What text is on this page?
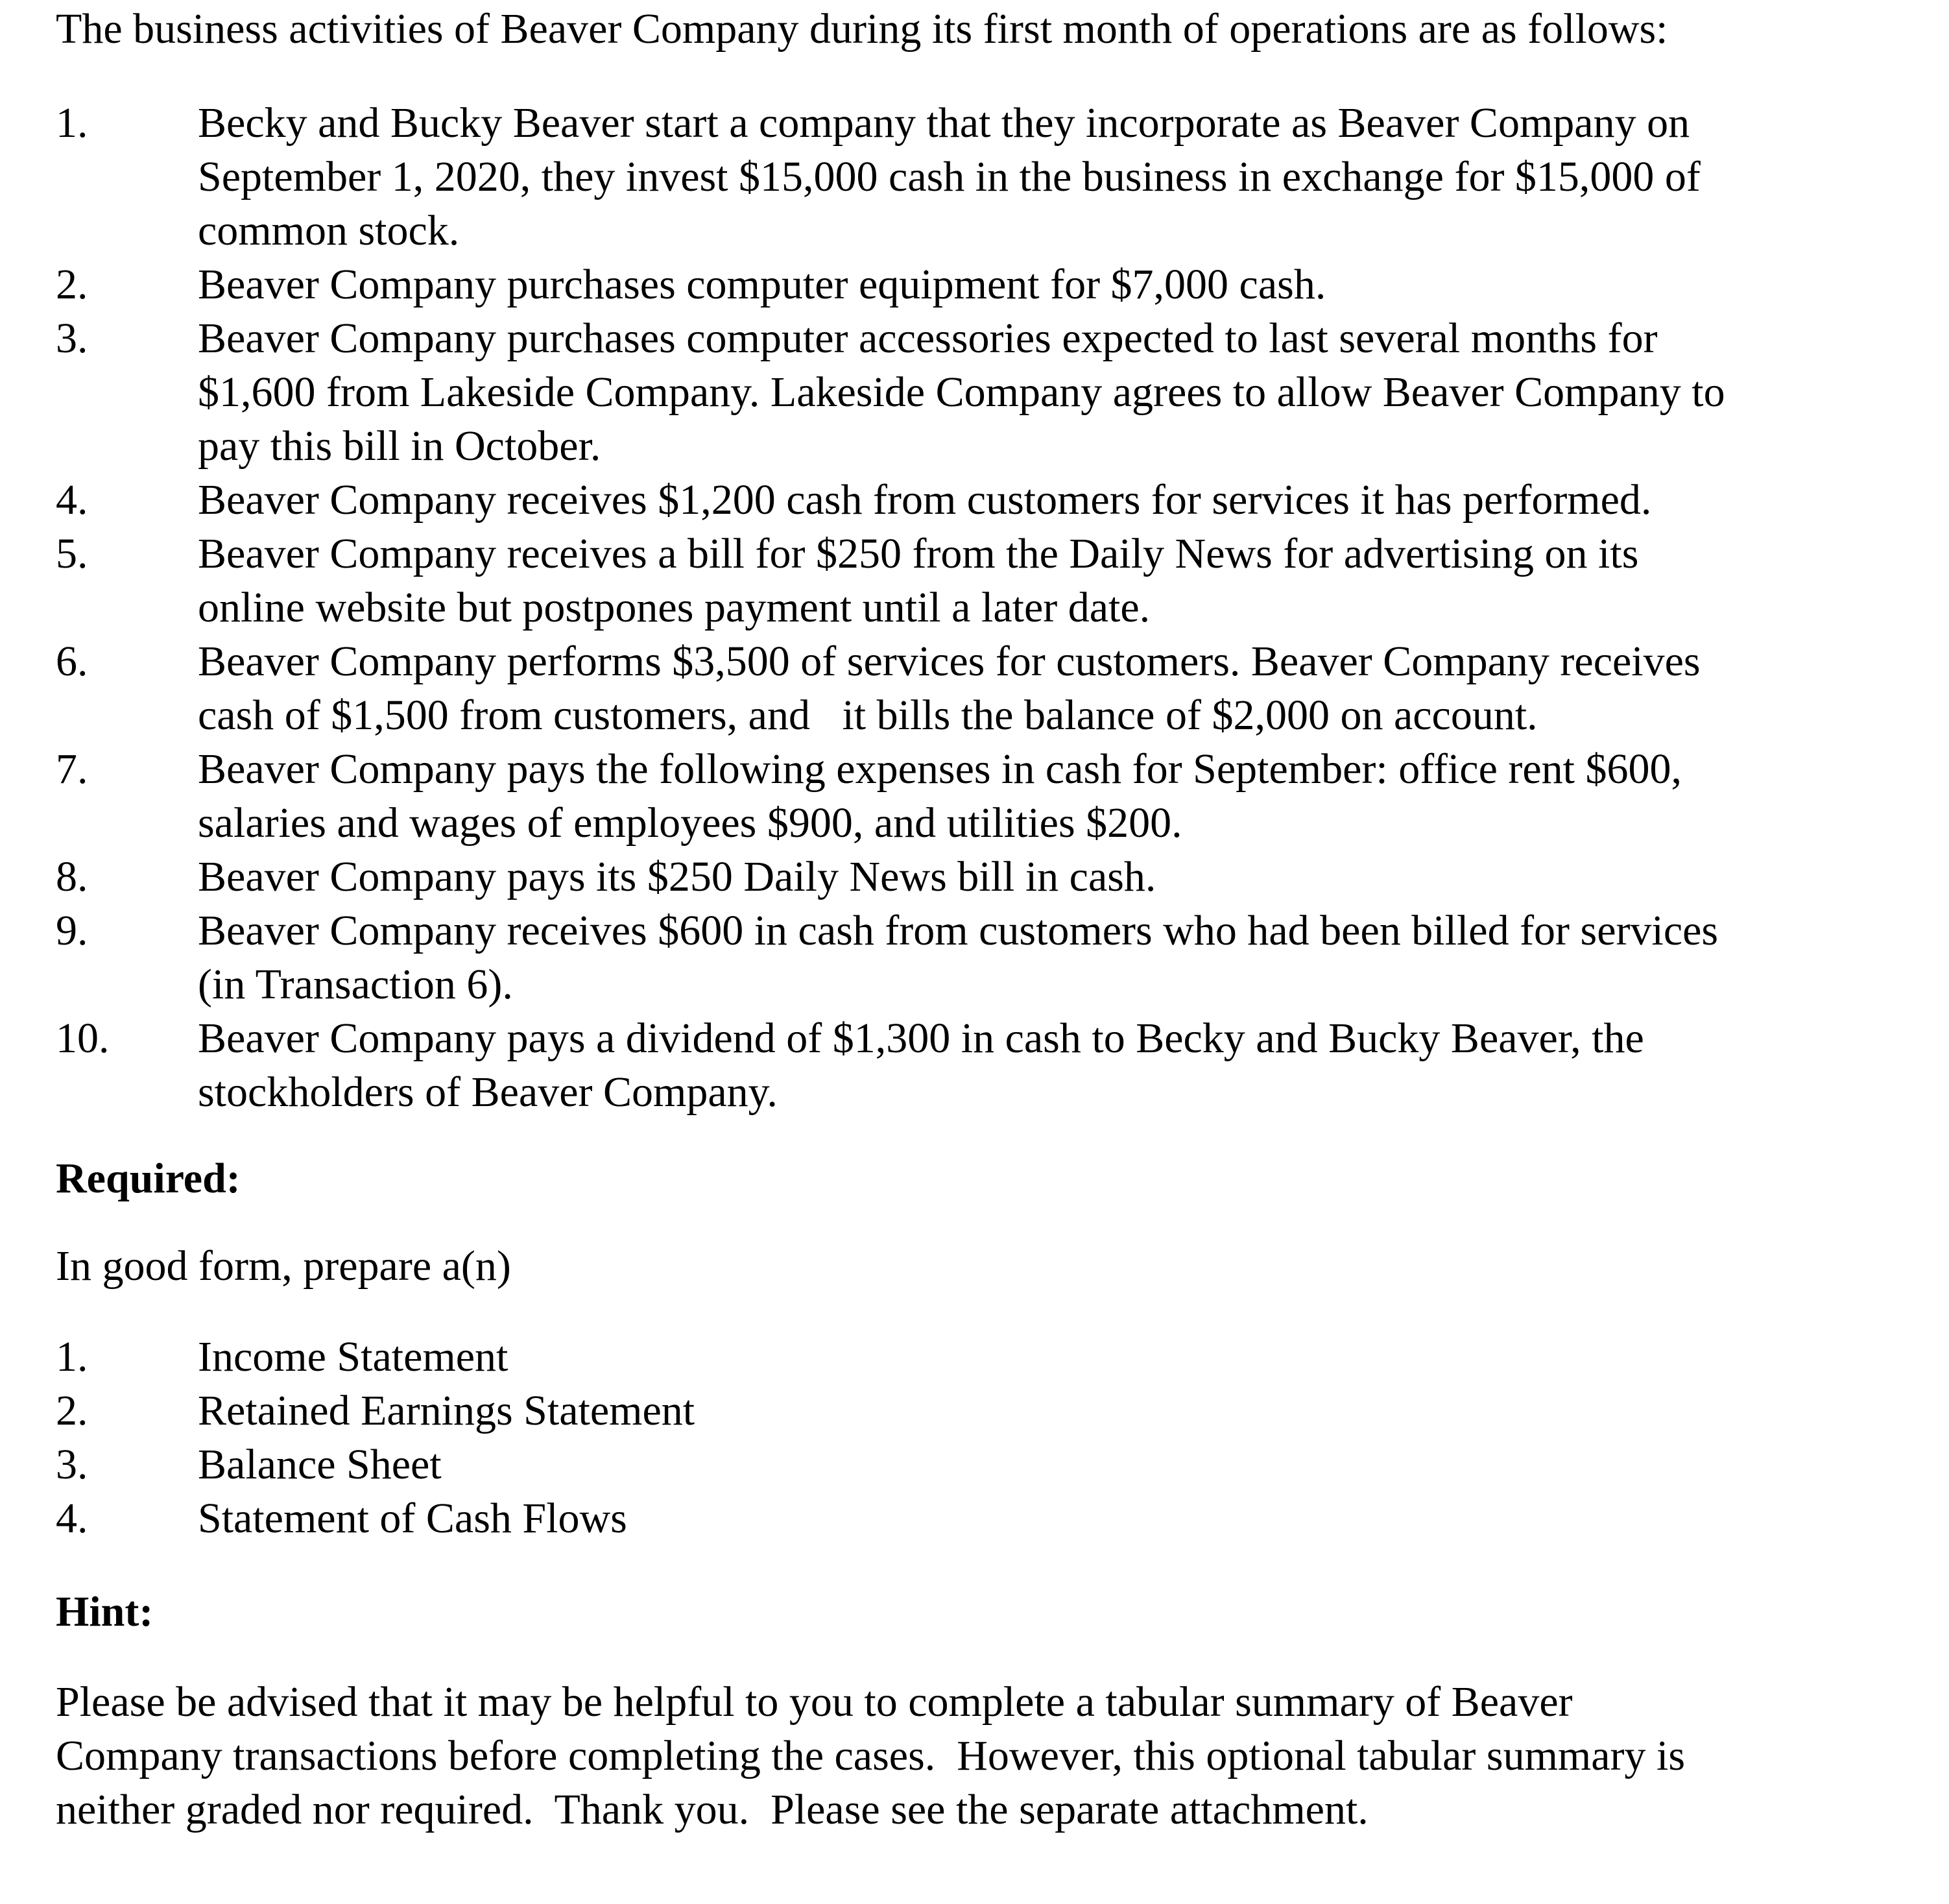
The business activities of Beaver Company during its first month of operations are as follows:
1.	Becky and Bucky Beaver start a company that they incorporate as Beaver Company on
September 1, 2020, they invest $15,000 cash in the business in exchange for $15,000 of
common stock.
2.	Beaver Company purchases computer equipment for $7,000 cash.
3.	Beaver Company purchases computer accessories expected to last several months for
$1,600 from Lakeside Company. Lakeside Company agrees to allow Beaver Company to
pay this bill in October.
4.	Beaver Company receives $1,200 cash from customers for services it has performed.
5.	Beaver Company receives a bill for $250 from the Daily News for advertising on its
online website but postpones payment until a later date.
6.	Beaver Company performs $3,500 of services for customers. Beaver Company receives
cash of $1,500 from customers, and   it bills the balance of $2,000 on account.
7.	Beaver Company pays the following expenses in cash for September: office rent $600,
salaries and wages of employees $900, and utilities $200.
8.	Beaver Company pays its $250 Daily News bill in cash.
9.	Beaver Company receives $600 in cash from customers who had been billed for services
(in Transaction 6).
10.	Beaver Company pays a dividend of $1,300 in cash to Becky and Bucky Beaver, the
stockholders of Beaver Company.
Required:
In good form, prepare a(n)
1.	Income Statement
2.	Retained Earnings Statement
3.	Balance Sheet
4.	Statement of Cash Flows
Hint:
Please be advised that it may be helpful to you to complete a tabular summary of Beaver
Company transactions before completing the cases.  However, this optional tabular summary is
neither graded nor required.  Thank you.  Please see the separate attachment.
